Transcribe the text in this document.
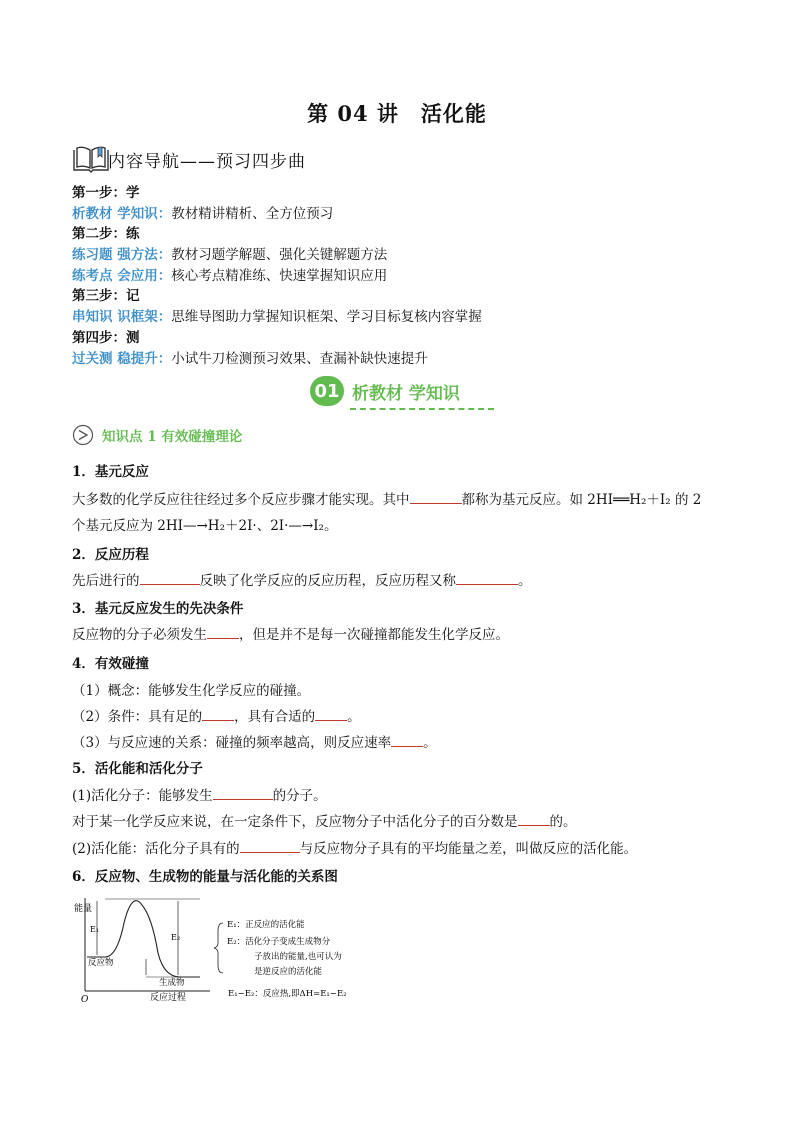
第 04 讲　活化能
内容导航——预习四步曲
第一步：学
析教材 学知识：教材精讲精析、全方位预习
第二步：练
练习题 强方法：教材习题学解题、强化关键解题方法
练考点 会应用：核心考点精准练、快速掌握知识应用
第三步：记
串知识 识框架：思维导图助力掌握知识框架、学习目标复核内容掌握
第四步：测
过关测 稳提升：小试牛刀检测预习效果、查漏补缺快速提升
01 析教材 学知识
知识点 1 有效碰撞理论
1．基元反应
大多数的化学反应往往经过多个反应步骤才能实现。其中	都称为基元反应。如 2HI══H₂＋I₂ 的 2
个基元反应为 2HI—→H₂＋2I·、2I·—→I₂。
2．反应历程
先后进行的	反映了化学反应的反应历程，反应历程又称	。
3．基元反应发生的先决条件
反应物的分子必须发生 ，但是并不是每一次碰撞都能发生化学反应。
4．有效碰撞
（1）概念：能够发生化学反应的碰撞。
（2）条件：具有足的 ，具有合适的 。
（3）与反应速的关系：碰撞的频率越高，则反应速率 。
5．活化能和活化分子
(1)活化分子：能够发生	的分子。
对于某一化学反应来说，在一定条件下，反应物分子中活化分子的百分数是 的。
(2)活化能：活化分子具有的	与反应物分子具有的平均能量之差，叫做反应的活化能。
6．反应物、生成物的能量与活化能的关系图
能量
O	反应过程
E₁
E₂
反应物
生成物
E₁：正反应的活化能
E₂：活化分子变成生成物分
子放出的能量,也可认为
是逆反应的活化能
E₁−E₂：反应热,即ΔH=E₁−E₂
